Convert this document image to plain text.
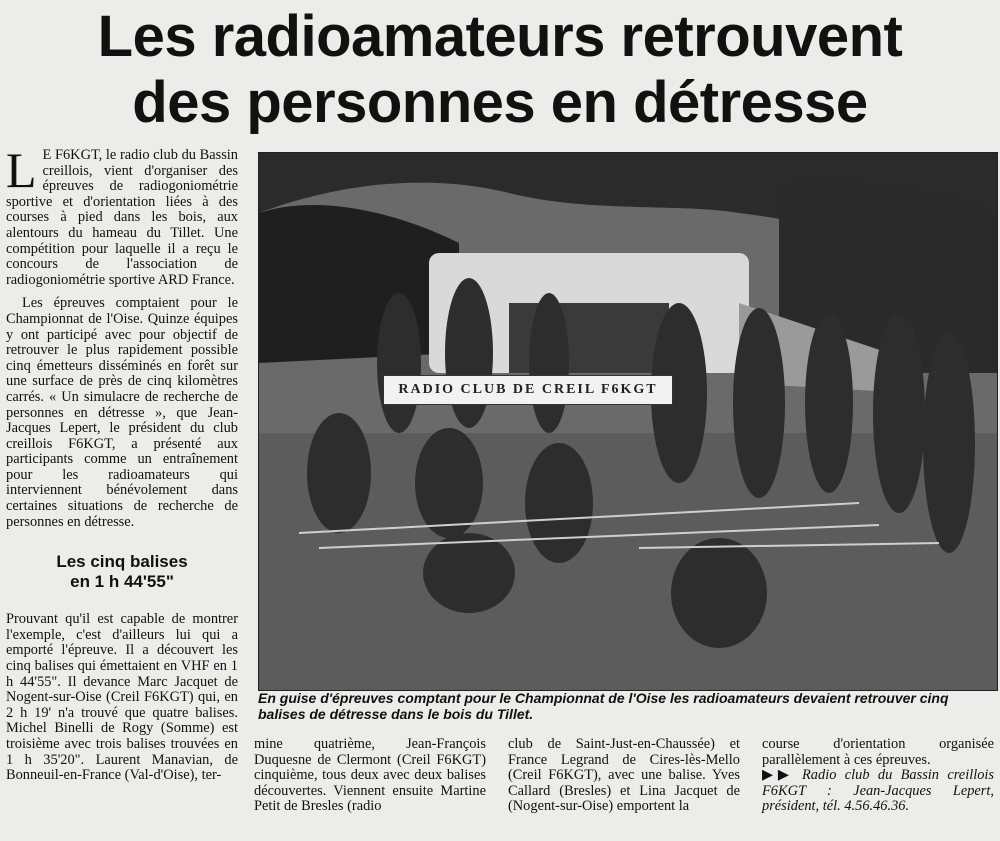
Les radioamateurs retrouvent
des personnes en détresse

L E F6KGT, le radio club du Bassin creillois, vient d'organiser des épreuves de radiogoniométrie sportive et d'orientation liées à des courses à pied dans les bois, aux alentours du hameau du Tillet. Une compétition pour laquelle il a reçu le concours de l'association de radiogoniométrie sportive ARD France.

Les épreuves comptaient pour le Championnat de l'Oise. Quinze équipes y ont participé avec pour objectif de retrouver le plus rapidement possible cinq émetteurs disséminés en forêt sur une surface de près de cinq kilomètres carrés. « Un simulacre de recherche de personnes en détresse », que Jean-Jacques Lepert, le président du club creillois F6KGT, a présenté aux participants comme un entraînement pour les radioamateurs qui interviennent bénévolement dans certaines situations de recherche de personnes en détresse.

Les cinq balises
en 1 h 44'55"

Prouvant qu'il est capable de montrer l'exemple, c'est d'ailleurs lui qui a emporté l'épreuve. Il a découvert les cinq balises qui émettaient en VHF en 1 h 44'55". Il devance Marc Jacquet de Nogent-sur-Oise (Creil F6KGT) qui, en 2 h 19' n'a trouvé que quatre balises. Michel Binelli de Rogy (Somme) est troisième avec trois balises trouvées en 1 h 35'20". Laurent Manavian, de Bonneuil-en-France (Val-d'Oise), ter-

RADIO CLUB DE CREIL F6KGT

En guise d'épreuves comptant pour le Championnat de l'Oise les radioamateurs devaient retrouver cinq balises de détresse dans le bois du Tillet.

mine quatrième, Jean-François Duquesne de Clermont (Creil F6KGT) cinquième, tous deux avec deux balises découvertes. Viennent ensuite Martine Petit de Bresles (radio

club de Saint-Just-en-Chaussée) et France Legrand de Cires-lès-Mello (Creil F6KGT), avec une balise. Yves Callard (Bresles) et Lina Jacquet de (Nogent-sur-Oise) emportent la

course d'orientation organisée parallèlement à ces épreuves.

▶▶ Radio club du Bassin creillois F6KGT : Jean-Jacques Lepert, président, tél. 4.56.46.36.
